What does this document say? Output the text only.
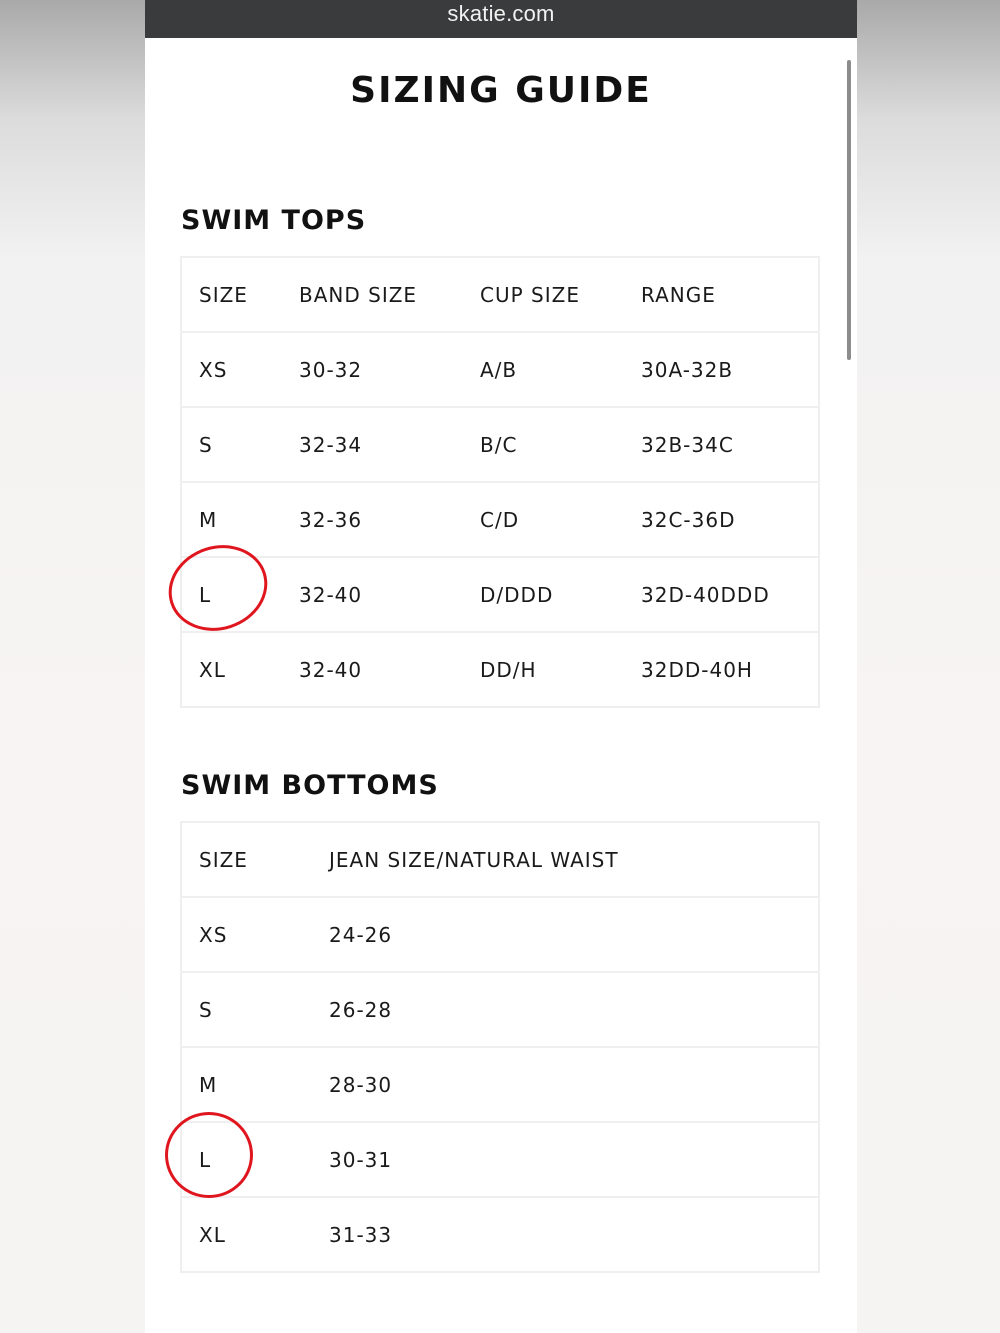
skatie.com
SIZING GUIDE
SWIM TOPS
SIZE	BAND SIZE	CUP SIZE	RANGE
XS	30-32	A/B	30A-32B
S	32-34	B/C	32B-34C
M	32-36	C/D	32C-36D
L	32-40	D/DDD	32D-40DDD
XL	32-40	DD/H	32DD-40H
SWIM BOTTOMS
SIZE	JEAN SIZE/NATURAL WAIST
XS	24-26
S	26-28
M	28-30
L	30-31
XL	31-33
